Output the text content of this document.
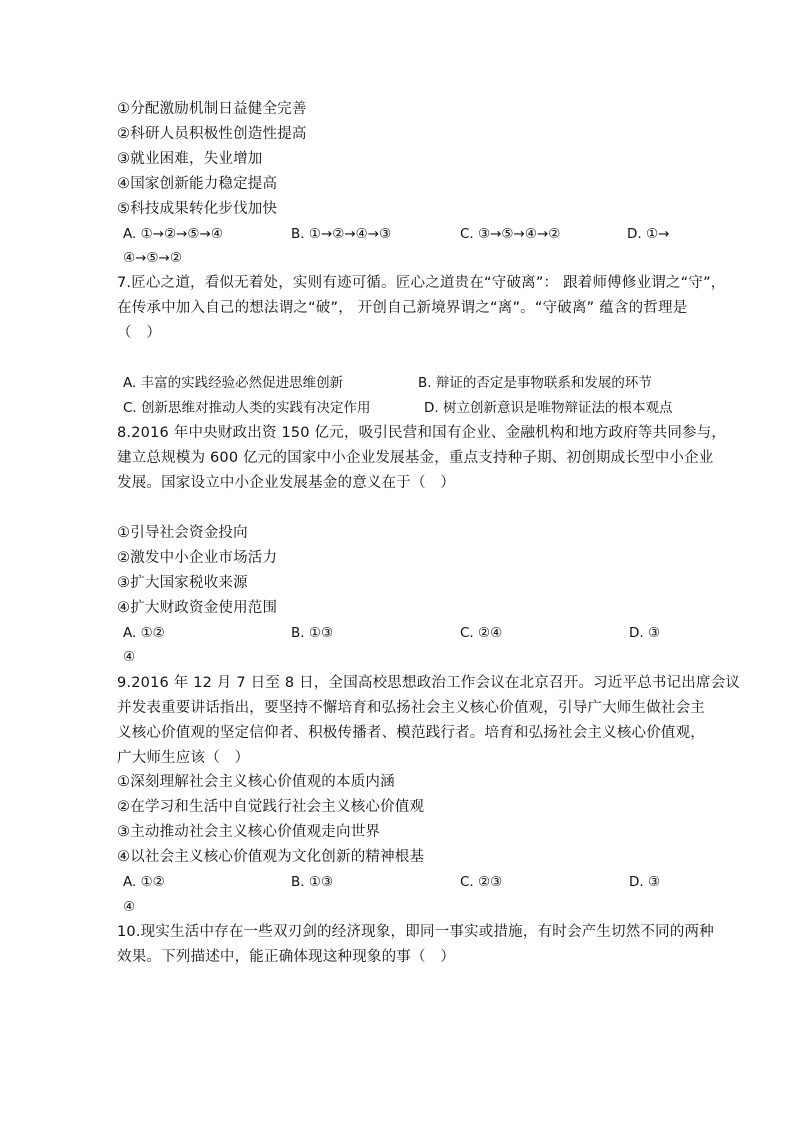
①分配激励机制日益健全完善
②科研人员积极性创造性提高
③就业困难，失业增加
④国家创新能力稳定提高
⑤科技成果转化步伐加快
A. ①→②→⑤→④	B. ①→②→④→③	C. ③→⑤→④→②	D. ①→
④→⑤→②
7.匠心之道，看似无着处，实则有迹可循。匠心之道贵在“守破离”： 跟着师傅修业谓之“守”，
在传承中加入自己的想法谓之“破”， 开创自己新境界谓之“离”。“守破离” 蕴含的哲理是
（　）
A. 丰富的实践经验必然促进思维创新	B. 辩证的否定是事物联系和发展的环节
C. 创新思维对推动人类的实践有决定作用	D. 树立创新意识是唯物辩证法的根本观点
8.2016 年中央财政出资 150 亿元，吸引民营和国有企业、金融机构和地方政府等共同参与，
建立总规模为 600 亿元的国家中小企业发展基金，重点支持种子期、初创期成长型中小企业
发展。国家设立中小企业发展基金的意义在于（　）
①引导社会资金投向
②激发中小企业市场活力
③扩大国家税收来源
④扩大财政资金使用范围
A. ①②	B. ①③	C. ②④	D. ③
④
9.2016 年 12 月 7 日至 8 日，全国高校思想政治工作会议在北京召开。习近平总书记出席会议
并发表重要讲话指出，要坚持不懈培育和弘扬社会主义核心价值观，引导广大师生做社会主
义核心价值观的坚定信仰者、积极传播者、模范践行者。培育和弘扬社会主义核心价值观，
广大师生应该（　）
①深刻理解社会主义核心价值观的本质内涵
②在学习和生活中自觉践行社会主义核心价值观
③主动推动社会主义核心价值观走向世界
④以社会主义核心价值观为文化创新的精神根基
A. ①②	B. ①③	C. ②③	D. ③
④
10.现实生活中存在一些双刃剑的经济现象，即同一事实或措施，有时会产生切然不同的两种
效果。下列描述中，能正确体现这种现象的事（　）
